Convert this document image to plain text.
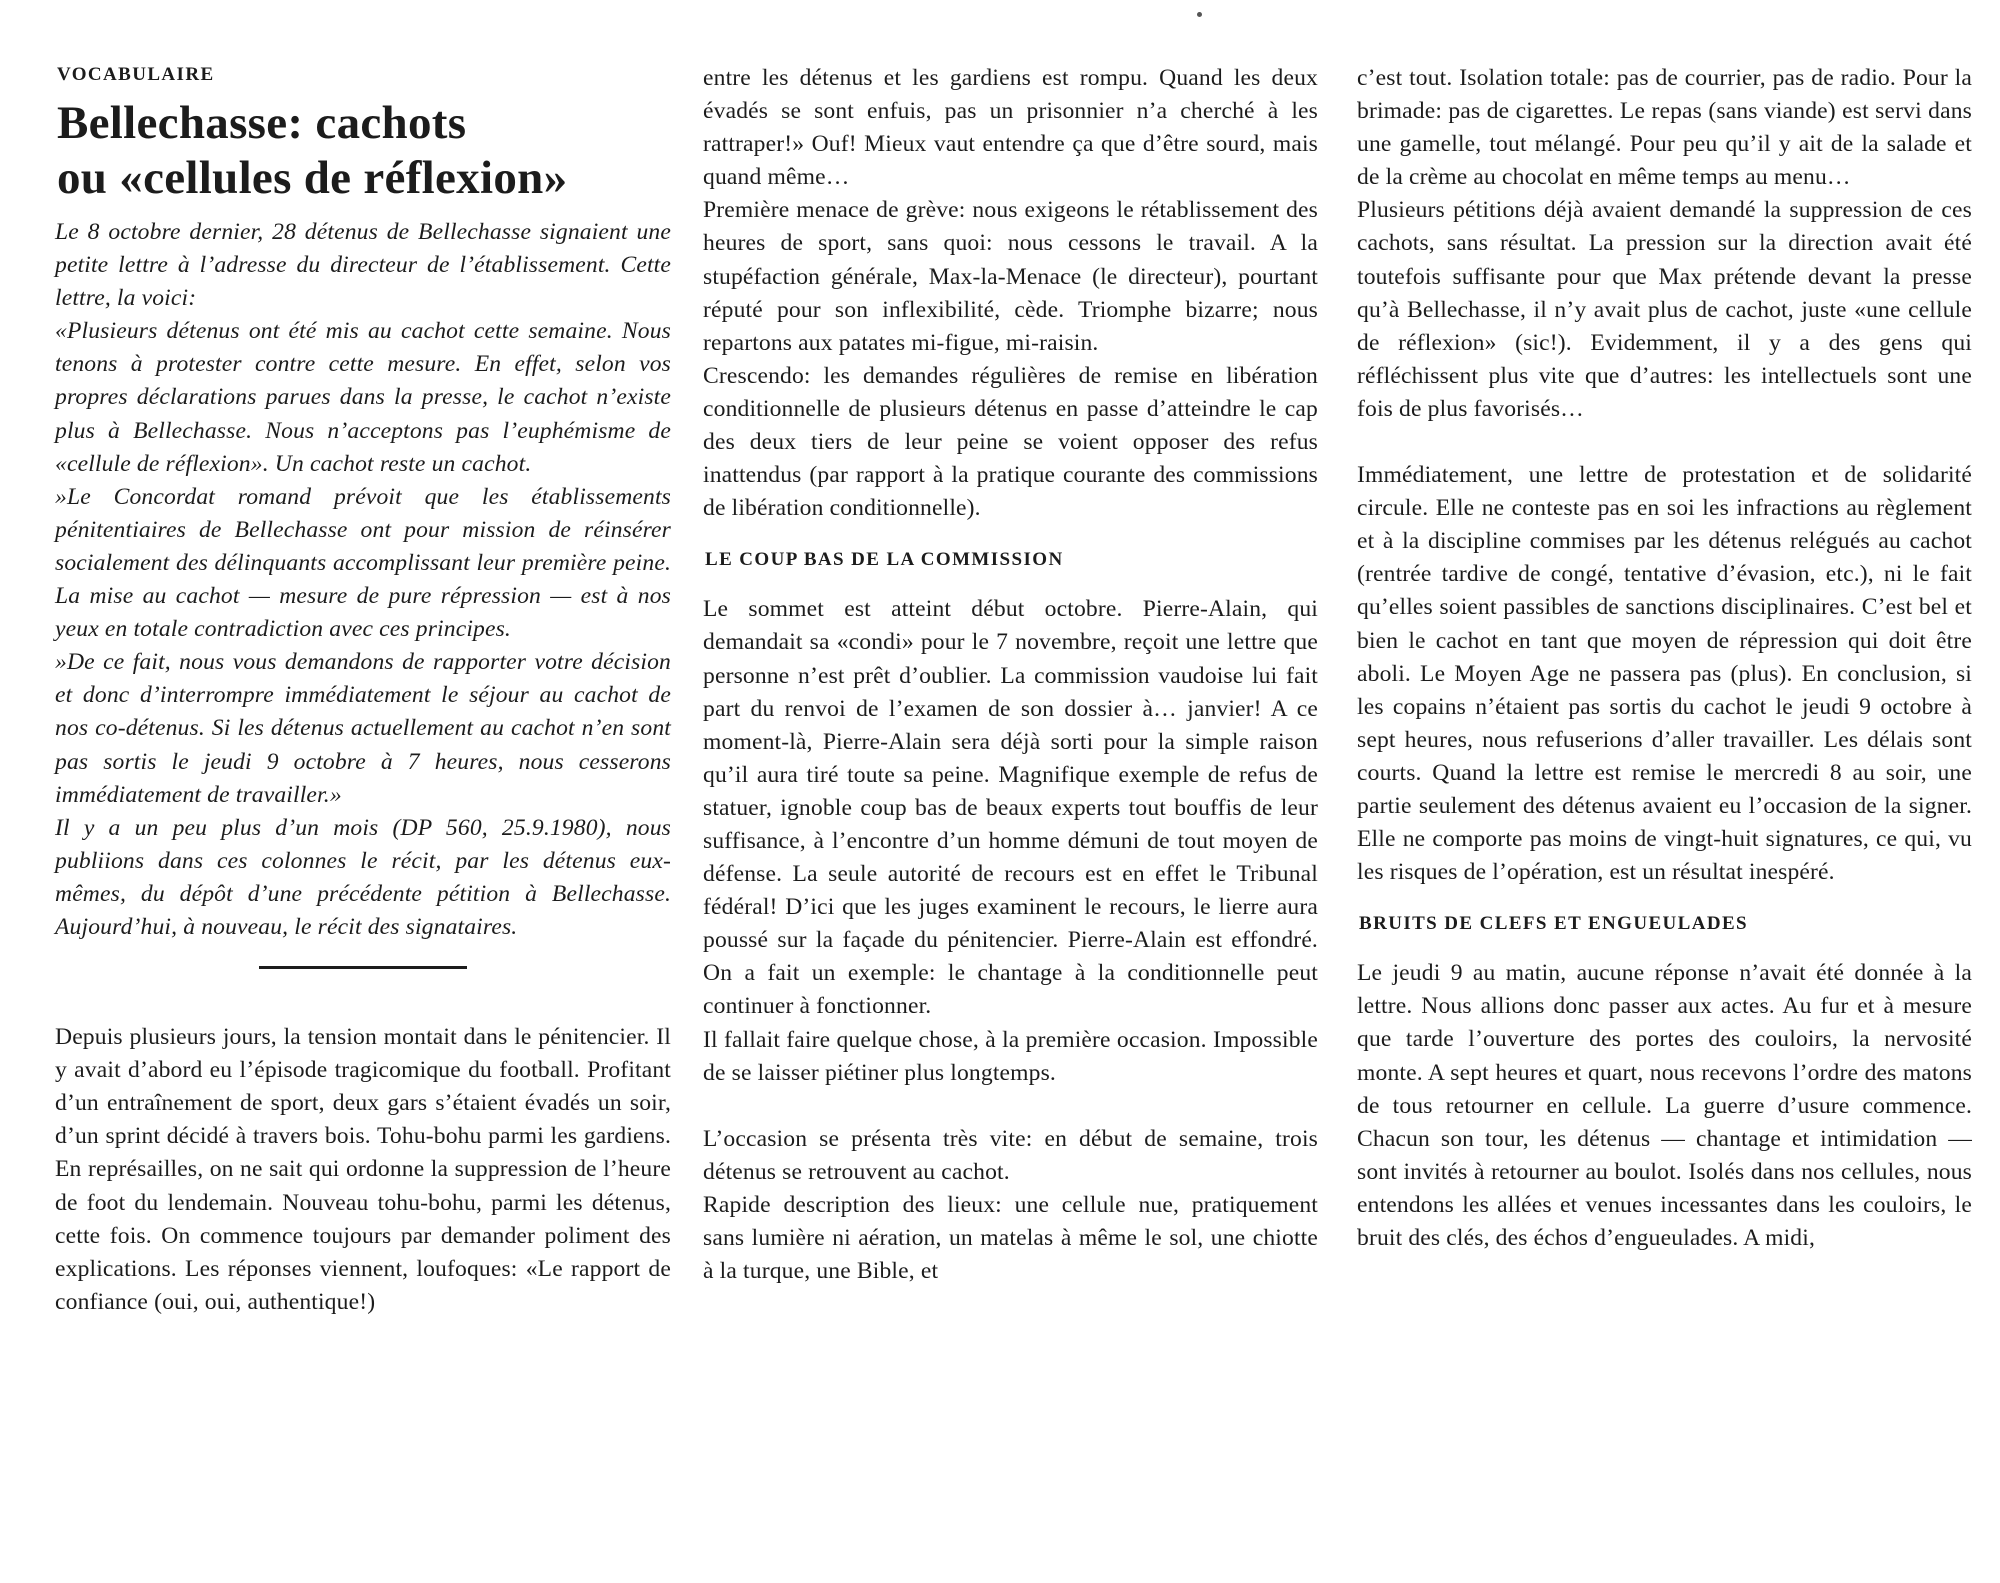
VOCABULAIRE
Bellechasse: cachots
ou «cellules de réflexion»

Le 8 octobre dernier, 28 détenus de Bellechasse signaient une petite lettre à l’adresse du directeur de l’établissement. Cette lettre, la voici:

«Plusieurs détenus ont été mis au cachot cette semaine. Nous tenons à protester contre cette mesure. En effet, selon vos propres déclarations parues dans la presse, le cachot n’existe plus à Bellechasse. Nous n’acceptons pas l’euphémisme de «cellule de réflexion». Un cachot reste un cachot.

»Le Concordat romand prévoit que les établissements pénitentiaires de Bellechasse ont pour mission de réinsérer socialement des délinquants accomplissant leur première peine. La mise au cachot — mesure de pure répression — est à nos yeux en totale contradiction avec ces principes.

»De ce fait, nous vous demandons de rapporter votre décision et donc d’interrompre immédiatement le séjour au cachot de nos co-détenus. Si les détenus actuellement au cachot n’en sont pas sortis le jeudi 9 octobre à 7 heures, nous cesserons immédiatement de travailler.»

Il y a un peu plus d’un mois (DP 560, 25.9.1980), nous publiions dans ces colonnes le récit, par les détenus eux-mêmes, du dépôt d’une précédente pétition à Bellechasse. Aujourd’hui, à nouveau, le récit des signataires.

Depuis plusieurs jours, la tension montait dans le pénitencier. Il y avait d’abord eu l’épisode tragicomique du football. Profitant d’un entraînement de sport, deux gars s’étaient évadés un soir, d’un sprint décidé à travers bois. Tohu-bohu parmi les gardiens. En représailles, on ne sait qui ordonne la suppression de l’heure de foot du lendemain. Nouveau tohu-bohu, parmi les détenus, cette fois. On commence toujours par demander poliment des explications. Les réponses viennent, loufoques: «Le rapport de confiance (oui, oui, authentique!)

entre les détenus et les gardiens est rompu. Quand les deux évadés se sont enfuis, pas un prisonnier n’a cherché à les rattraper!» Ouf! Mieux vaut entendre ça que d’être sourd, mais quand même…

Première menace de grève: nous exigeons le rétablissement des heures de sport, sans quoi: nous cessons le travail. A la stupéfaction générale, Max-la-Menace (le directeur), pourtant réputé pour son inflexibilité, cède. Triomphe bizarre; nous repartons aux patates mi-figue, mi-raisin.

Crescendo: les demandes régulières de remise en libération conditionnelle de plusieurs détenus en passe d’atteindre le cap des deux tiers de leur peine se voient opposer des refus inattendus (par rapport à la pratique courante des commissions de libération conditionnelle).

LE COUP BAS DE LA COMMISSION

Le sommet est atteint début octobre. Pierre-Alain, qui demandait sa «condi» pour le 7 novembre, reçoit une lettre que personne n’est prêt d’oublier. La commission vaudoise lui fait part du renvoi de l’examen de son dossier à… janvier! A ce moment-là, Pierre-Alain sera déjà sorti pour la simple raison qu’il aura tiré toute sa peine. Magnifique exemple de refus de statuer, ignoble coup bas de beaux experts tout bouffis de leur suffisance, à l’encontre d’un homme démuni de tout moyen de défense. La seule autorité de recours est en effet le Tribunal fédéral! D’ici que les juges examinent le recours, le lierre aura poussé sur la façade du pénitencier. Pierre-Alain est effondré. On a fait un exemple: le chantage à la conditionnelle peut continuer à fonctionner.

Il fallait faire quelque chose, à la première occasion. Impossible de se laisser piétiner plus longtemps.

L’occasion se présenta très vite: en début de semaine, trois détenus se retrouvent au cachot.

Rapide description des lieux: une cellule nue, pratiquement sans lumière ni aération, un matelas à même le sol, une chiotte à la turque, une Bible, et

c’est tout. Isolation totale: pas de courrier, pas de radio. Pour la brimade: pas de cigarettes. Le repas (sans viande) est servi dans une gamelle, tout mélangé. Pour peu qu’il y ait de la salade et de la crème au chocolat en même temps au menu…

Plusieurs pétitions déjà avaient demandé la suppression de ces cachots, sans résultat. La pression sur la direction avait été toutefois suffisante pour que Max prétende devant la presse qu’à Bellechasse, il n’y avait plus de cachot, juste «une cellule de réflexion» (sic!). Evidemment, il y a des gens qui réfléchissent plus vite que d’autres: les intellectuels sont une fois de plus favorisés…

Immédiatement, une lettre de protestation et de solidarité circule. Elle ne conteste pas en soi les infractions au règlement et à la discipline commises par les détenus relégués au cachot (rentrée tardive de congé, tentative d’évasion, etc.), ni le fait qu’elles soient passibles de sanctions disciplinaires. C’est bel et bien le cachot en tant que moyen de répression qui doit être aboli. Le Moyen Age ne passera pas (plus). En conclusion, si les copains n’étaient pas sortis du cachot le jeudi 9 octobre à sept heures, nous refuserions d’aller travailler. Les délais sont courts. Quand la lettre est remise le mercredi 8 au soir, une partie seulement des détenus avaient eu l’occasion de la signer. Elle ne comporte pas moins de vingt-huit signatures, ce qui, vu les risques de l’opération, est un résultat inespéré.

BRUITS DE CLEFS ET ENGUEULADES

Le jeudi 9 au matin, aucune réponse n’avait été donnée à la lettre. Nous allions donc passer aux actes. Au fur et à mesure que tarde l’ouverture des portes des couloirs, la nervosité monte. A sept heures et quart, nous recevons l’ordre des matons de tous retourner en cellule. La guerre d’usure commence. Chacun son tour, les détenus — chantage et intimidation — sont invités à retourner au boulot. Isolés dans nos cellules, nous entendons les allées et venues incessantes dans les couloirs, le bruit des clés, des échos d’engueulades. A midi,
